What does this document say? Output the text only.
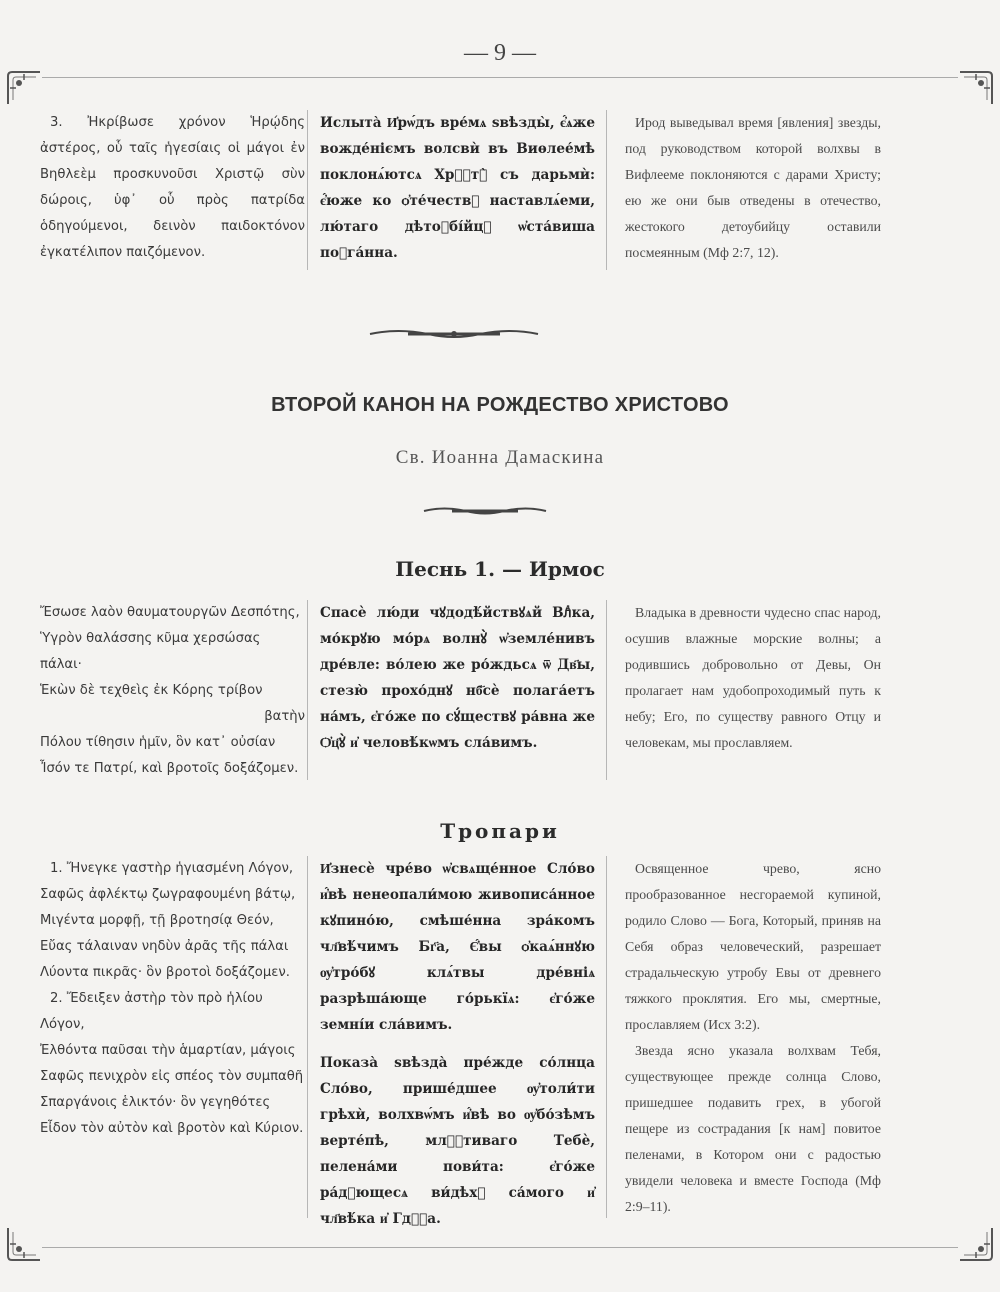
— 9 —

3. Ἠκρίβωσε χρόνον Ἡρῴδης ἀστέρος, οὗ ταῖς ἡγεσίαις οἱ μάγοι ἐν Βηθλεὲμ προσκυνοῦσι Χριστῷ σὺν δώροις, ὑφ᾽ οὗ πρὸς πατρίδα ὁδηγούμενοι, δεινὸν παιδοκτόνον ἐγκατέλιπον παιζόμενον.

Ислыта̀ И҆рѡ́дъ вре́мѧ ѕвѣзды̀, є҆́ѧже вожде́ніємъ волсвѝ въ Виѳлее́мѣ поклонѧ́ютсѧ Хрⷭ҇тꙋ̀ съ дарьмѝ: є҆́юже ко ѻ҆те́чествꙋ наставлѧ́еми, лю́таго дѣтоꙋбі́йцꙋ ѡ҆ста́виша поꙋга́нна.

Ирод выведывал время [явления] звезды, под руководством которой волхвы в Вифлееме поклоняются с дарами Христу; ею же они быв отведены в отечество, жестокого детоубийцу оставили посмеянным (Мф 2:7, 12).

ВТОРОЙ КАНОН НА РОЖДЕСТВО ХРИСТОВО
Св. Иоанна Дамаскина
Песнь 1. — Ирмос

Ἔσωσε λαὸν θαυματουργῶν Δεσπότης,

Ὑγρὸν θαλάσσης κῦμα χερσώσας πάλαι·

Ἑκὼν δὲ τεχθεὶς ἐκ Κόρης τρίβον

βατὴν

Πόλου τίθησιν ἡμῖν, ὃν κατ᾽ οὐσίαν

Ἶσόν τε Πατρί, καὶ βροτοῖς δοξάζομεν.

Спасѐ лю́ди чꙋдодѣ́йствꙋѧй Влⷣка, мо́крꙋю мо́рѧ волнꙋ̀ ѡ҆земле́нивъ дре́вле: во́лею же ро́ждьсѧ ѿ Дв҃ы, стезю̀ прохо́днꙋ нб҃сѐ полага́етъ на́мъ, є҆го́же по сꙋ́ществꙋ ра́вна же Ѻ҆ц҃ꙋ̀ и҆ человѣ́кѡмъ сла́вимъ.

Владыка в древности чудесно спас народ, осушив влажные морские волны; а родившись добровольно от Девы, Он пролагает нам удобопроходимый путь к небу; Его, по существу равного Отцу и человекам, мы прославляем.

Тропари

1. Ἤνεγκε γαστὴρ ἡγιασμένη Λόγον,

Σαφῶς ἀφλέκτῳ ζωγραφουμένη βάτῳ,

Μιγέντα μορφῇ, τῇ βροτησίᾳ Θεόν,

Εὔας τάλαιναν νηδὺν ἀρᾶς τῆς πάλαι

Λύοντα πικρᾶς· ὃν βροτοὶ δοξάζομεν.

2. Ἔδειξεν ἀστὴρ τὸν πρὸ ἡλίου Λόγον,

Ἐλθόντα παῦσαι τὴν ἁμαρτίαν, μάγοις

Σαφῶς πενιχρὸν εἰς σπέος τὸν συμπαθῆ

Σπαργάνοις ἑλικτόν· ὃν γεγηθότες

Εἶδον τὸν αὐτὸν καὶ βροτὸν καὶ Κύριον.

И҆знесѐ чре́во ѡ҆свѧще́нное Сло́во и҆́вѣ ненеопали́мою живописа́нное кꙋпино́ю, смѣше́нна зра́комъ чл҃вѣ́чимъ Бг҃а, Є҆́вы ѻ҆каѧ́ннꙋю ѹ҆тро́бꙋ клѧ́твы дре́вніѧ разрѣша́юще го́рькїѧ: є҆го́же земні́и сла́вимъ.

Показа̀ ѕвѣзда̀ пре́жде со́лнца Сло́во, прише́дшее ѹ҆толи́ти грѣхѝ, волхвѡ́мъ и҆́вѣ во ѹ҆бо́зѣмъ верте́пѣ, млⷭ҇тиваго Тебѐ, пелена́ми пови́та: є҆го́же ра́дꙋющесѧ ви́дѣхꙋ са́мого и҆ чл҃вѣ́ка и҆ Гдⷭ҇а.

Освященное чрево, ясно прообразованное несгораемой купиной, родило Слово — Бога, Который, приняв на Себя образ человеческий, разрешает страдальческую утробу Евы от древнего тяжкого проклятия. Его мы, смертные, прославляем (Исх 3:2).

Звезда ясно указала волхвам Тебя, существующее прежде солнца Слово, пришедшее подавить грех, в убогой пещере из сострадания [к нам] повитое пеленами, в Котором они с радостью увидели человека и вместе Господа (Мф 2:9–11).
